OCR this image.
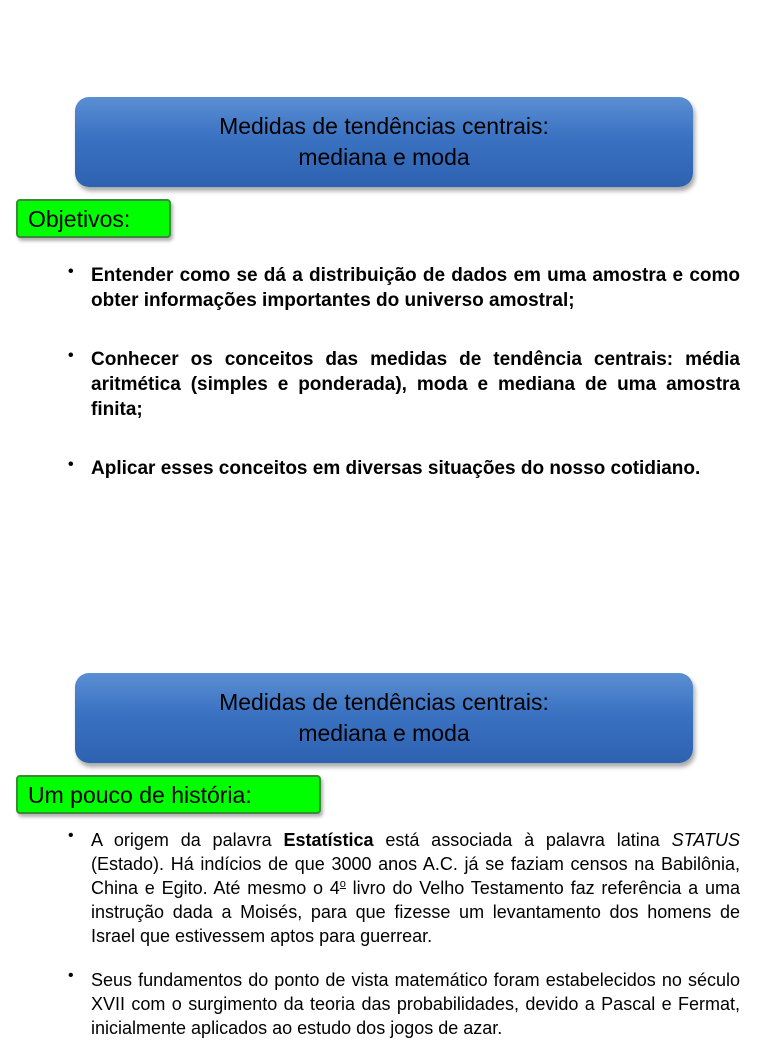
Medidas de tendências centrais:
mediana e moda
Objetivos:
• Entender como se dá a distribuição de dados em uma amostra e como obter informações importantes do universo amostral;
• Conhecer os conceitos das medidas de tendência centrais: média aritmética (simples e ponderada), moda e mediana de uma amostra finita;
• Aplicar esses conceitos em diversas situações do nosso cotidiano.
Medidas de tendências centrais:
mediana e moda
Um pouco de história:
• A origem da palavra Estatística está associada à palavra latina STATUS (Estado). Há indícios de que 3000 anos A.C. já se faziam censos na Babilônia, China e Egito. Até mesmo o 4$^o$ livro do Velho Testamento faz referência a uma instrução dada a Moisés, para que fizesse um levantamento dos homens de Israel que estivessem aptos para guerrear.
• Seus fundamentos do ponto de vista matemático foram estabelecidos no século XVII com o surgimento da teoria das probabilidades, devido a Pascal e Fermat, inicialmente aplicados ao estudo dos jogos de azar.
